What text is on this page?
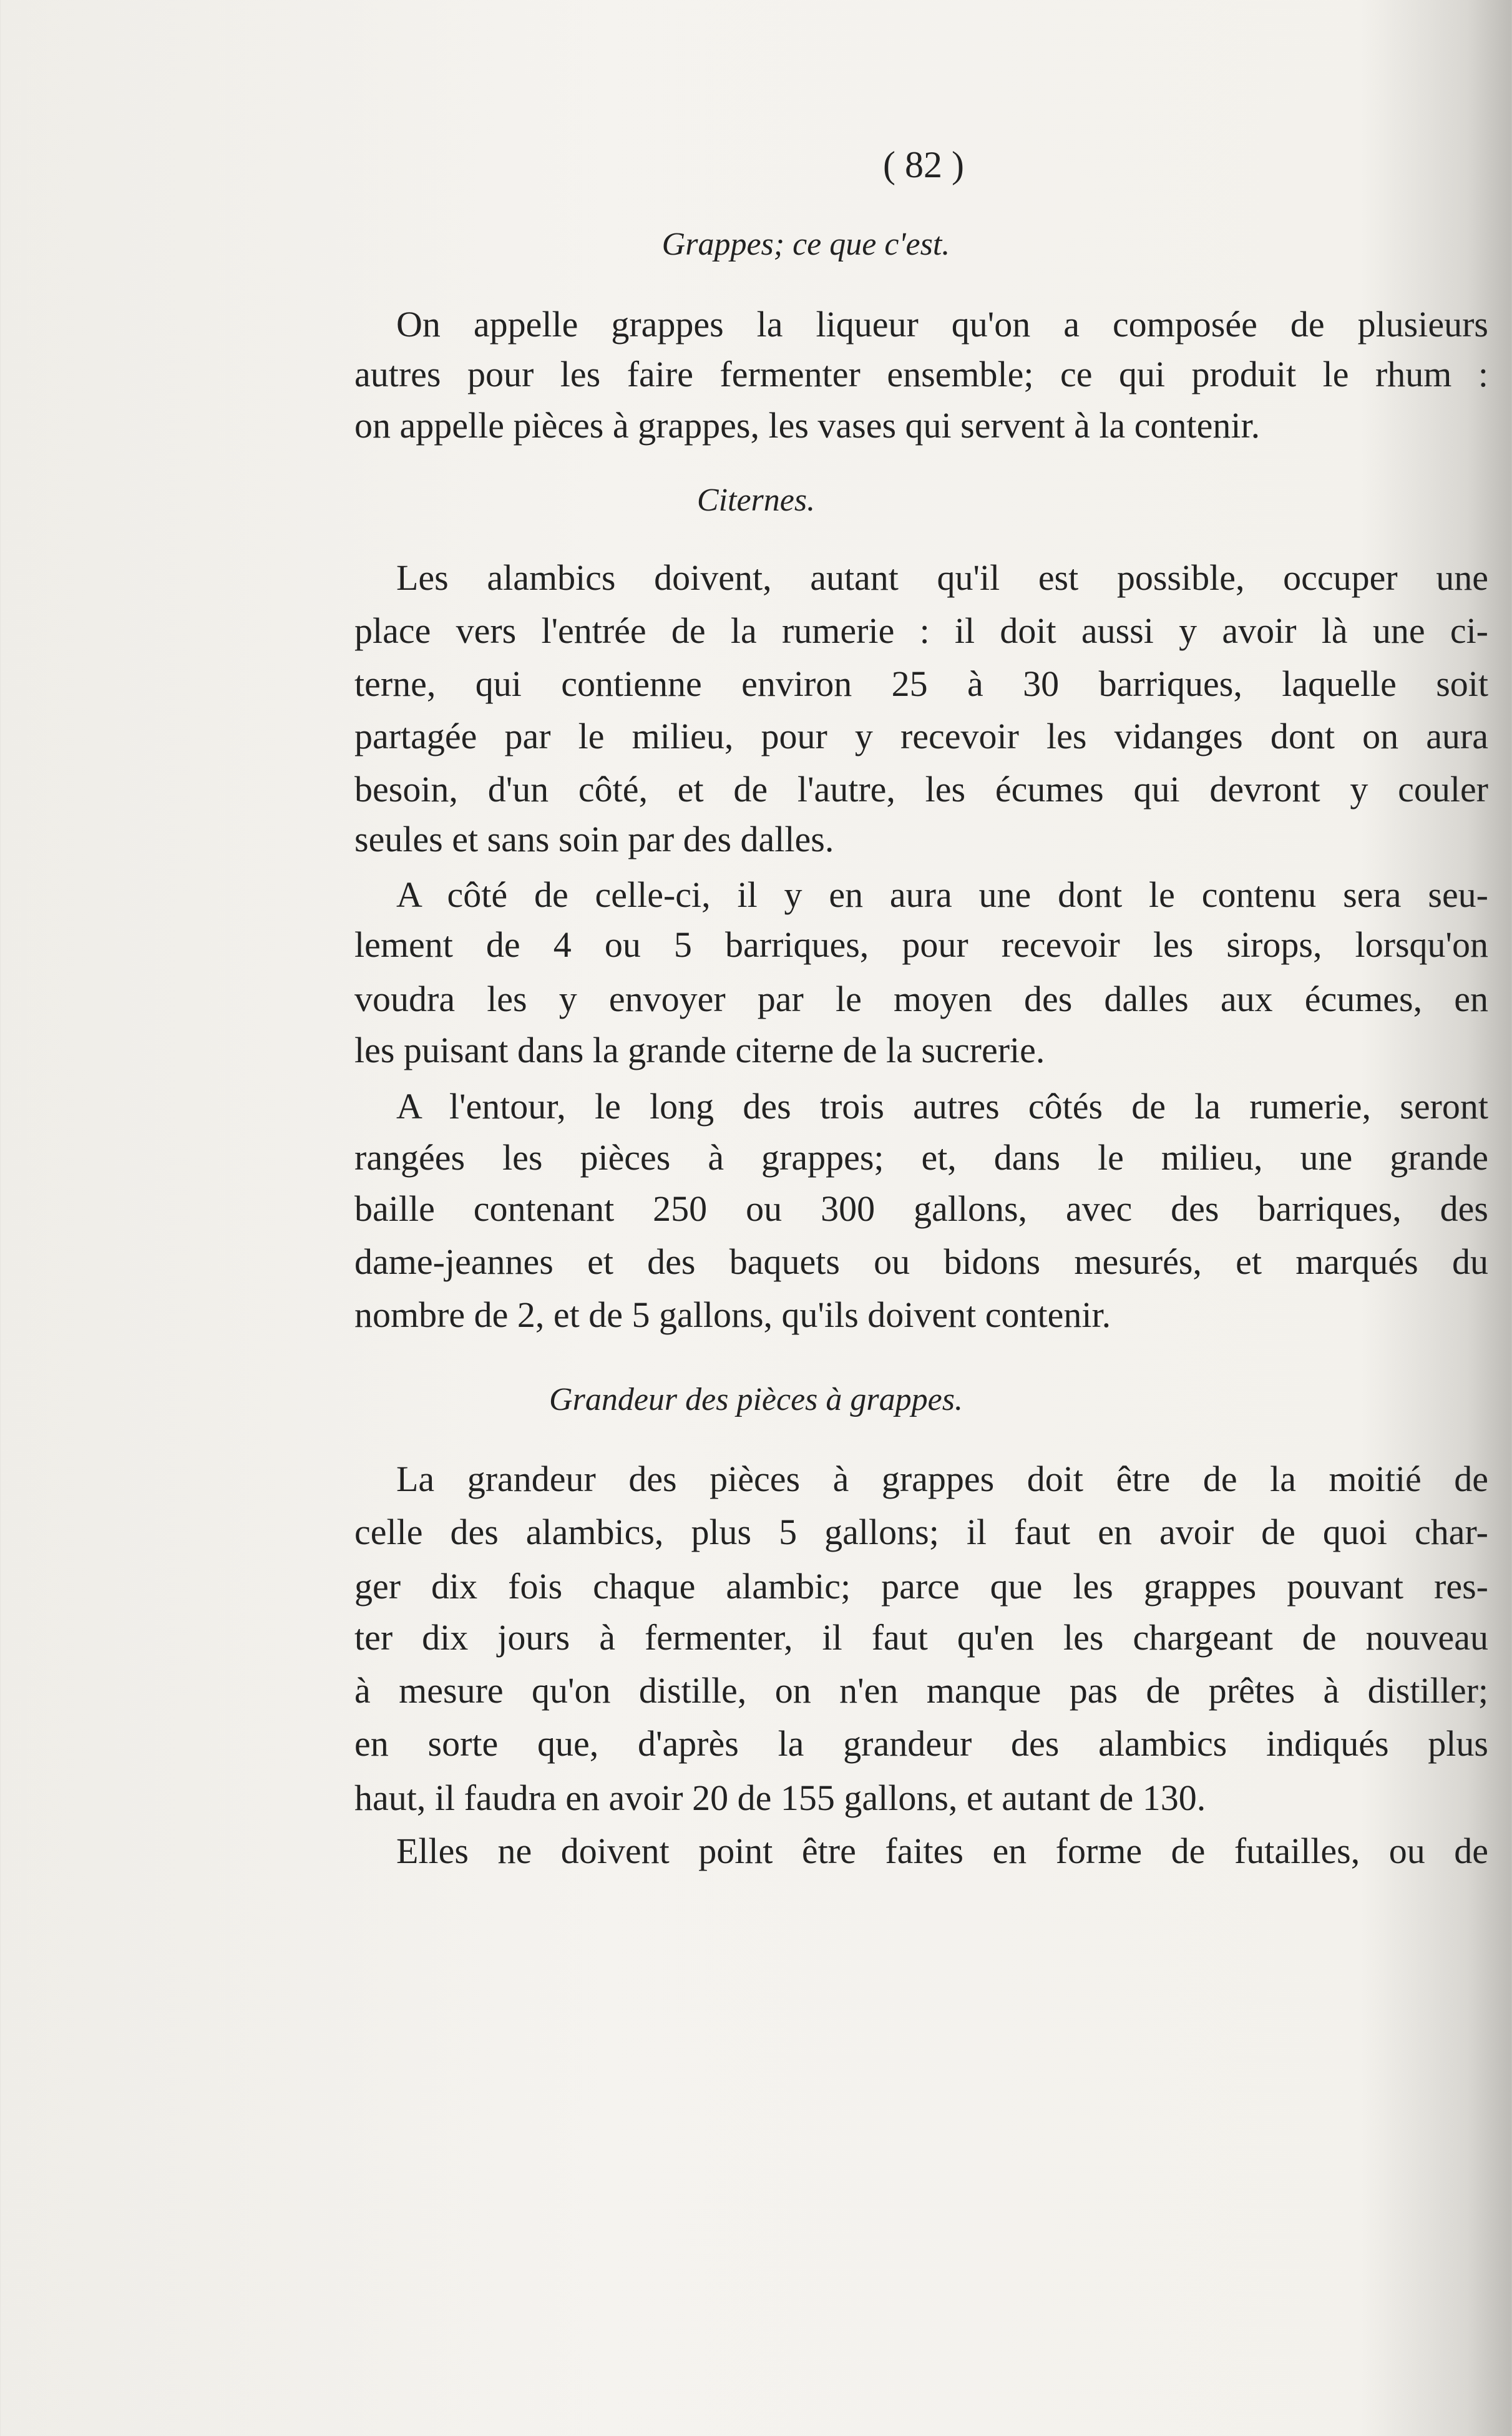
( 82 )
Grappes; ce que c'est.
On appelle grappes la liqueur qu'on a composée de plusieurs
autres pour les faire fermenter ensemble; ce qui produit le rhum :
on appelle pièces à grappes, les vases qui servent à la contenir.
Citernes.
Les alambics doivent, autant qu'il est possible, occuper une
place vers l'entrée de la rumerie : il doit aussi y avoir là une ci-
terne, qui contienne environ 25 à 30 barriques, laquelle soit
partagée par le milieu, pour y recevoir les vidanges dont on aura
besoin, d'un côté, et de l'autre, les écumes qui devront y couler
seules et sans soin par des dalles.
A côté de celle-ci, il y en aura une dont le contenu sera seu-
lement de 4 ou 5 barriques, pour recevoir les sirops, lorsqu'on
voudra les y envoyer par le moyen des dalles aux écumes, en
les puisant dans la grande citerne de la sucrerie.
A l'entour, le long des trois autres côtés de la rumerie, seront
rangées les pièces à grappes; et, dans le milieu, une grande
baille contenant 250 ou 300 gallons, avec des barriques, des
dame-jeannes et des baquets ou bidons mesurés, et marqués du
nombre de 2, et de 5 gallons, qu'ils doivent contenir.
Grandeur des pièces à grappes.
La grandeur des pièces à grappes doit être de la moitié de
celle des alambics, plus 5 gallons; il faut en avoir de quoi char-
ger dix fois chaque alambic; parce que les grappes pouvant res-
ter dix jours à fermenter, il faut qu'en les chargeant de nouveau
à mesure qu'on distille, on n'en manque pas de prêtes à distiller;
en sorte que, d'après la grandeur des alambics indiqués plus
haut, il faudra en avoir 20 de 155 gallons, et autant de 130.
Elles ne doivent point être faites en forme de futailles, ou de
